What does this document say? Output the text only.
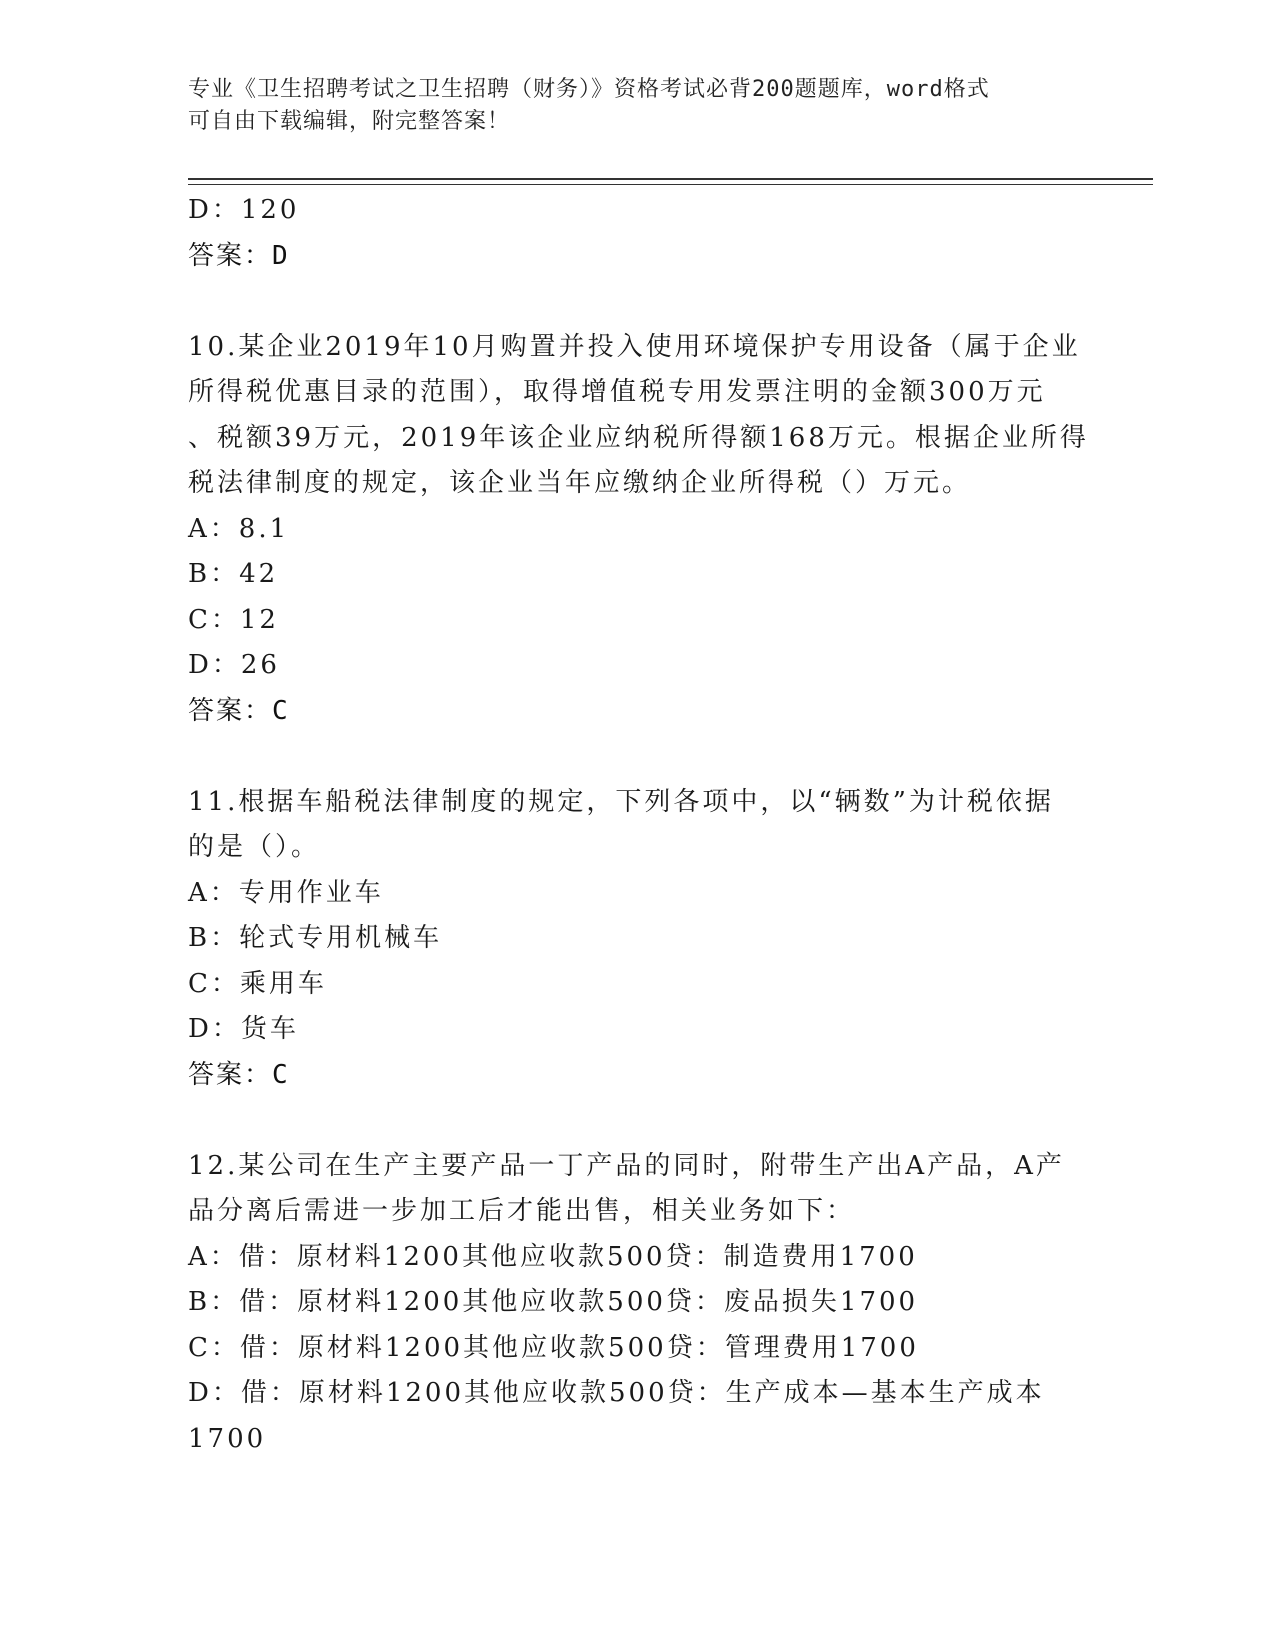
专业《卫生招聘考试之卫生招聘（财务）》资格考试必背200题题库，word格式
可自由下载编辑，附完整答案！
D：120
答案：D
10.某企业2019年10月购置并投入使用环境保护专用设备（属于企业
所得税优惠目录的范围），取得增值税专用发票注明的金额300万元
、税额39万元，2019年该企业应纳税所得额168万元。根据企业所得
税法律制度的规定，该企业当年应缴纳企业所得税（）万元。
A：8.1
B：42
C：12
D：26
答案：C
11.根据车船税法律制度的规定，下列各项中，以“辆数”为计税依据
的是（）。
A：专用作业车
B：轮式专用机械车
C：乘用车
D：货车
答案：C
12.某公司在生产主要产品一丁产品的同时，附带生产出A产品，A产
品分离后需进一步加工后才能出售，相关业务如下：
A：借：原材料1200其他应收款500贷：制造费用1700
B：借：原材料1200其他应收款500贷：废品损失1700
C：借：原材料1200其他应收款500贷：管理费用1700
D：借：原材料1200其他应收款500贷：生产成本—基本生产成本
1700
